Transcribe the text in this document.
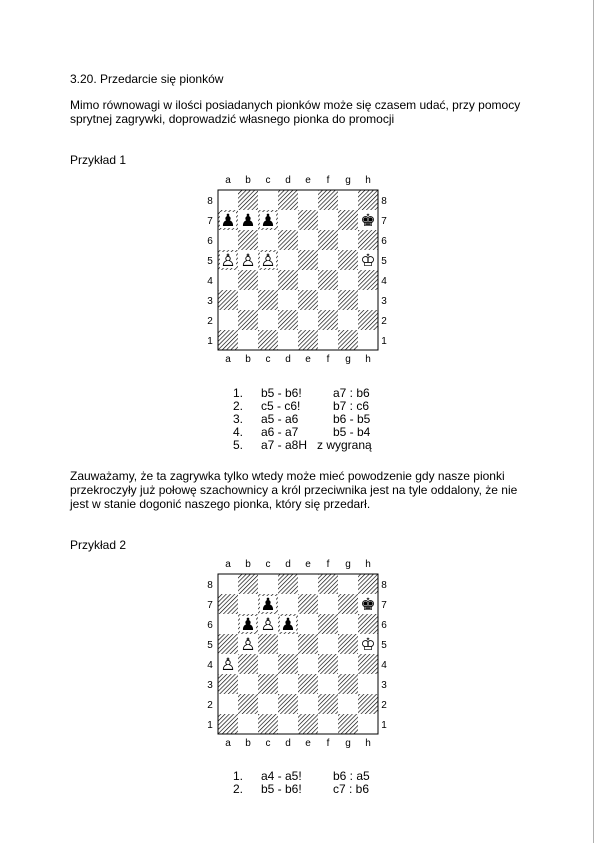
3.20. Przedarcie się pionków
Mimo równowagi w ilości posiadanych pionków może się czasem udać, przy pomocy
sprytnej zagrywki, doprowadzić własnego pionka do promocji
Przykład 1
a
a
b
b
c
c
d
d
e
e
f
f
g
g
h
h
8	8
7	7
6	6
5	5
4	4
3	3
2	2
1	1
♟ ♟ ♟	♚
♙ ♙ ♙	♔
1. b5 - b6!	a7 : b6
2. c5 - c6!	b7 : c6
3. a5 - a6	b6 - b5
4. a6 - a7	b5 - b4
5. a7 - a8H z wygraną
Zauważamy, że ta zagrywka tylko wtedy może mieć powodzenie gdy nasze pionki
przekroczyły już połowę szachownicy a król przeciwnika jest na tyle oddalony, że nie
jest w stanie dogonić naszego pionka, który się przedarł.
Przykład 2
a
a
b
b
c
c
d
d
e
e
f
f
g
g
h
h
8	8
7	7
6	6
5	5
4	4
3	3
2	2
1	1
♟	♚
♟ ♙ ♟
♙	♔
♙
1. a4 - a5!	b6 : a5
2. b5 - b6!	c7 : b6
